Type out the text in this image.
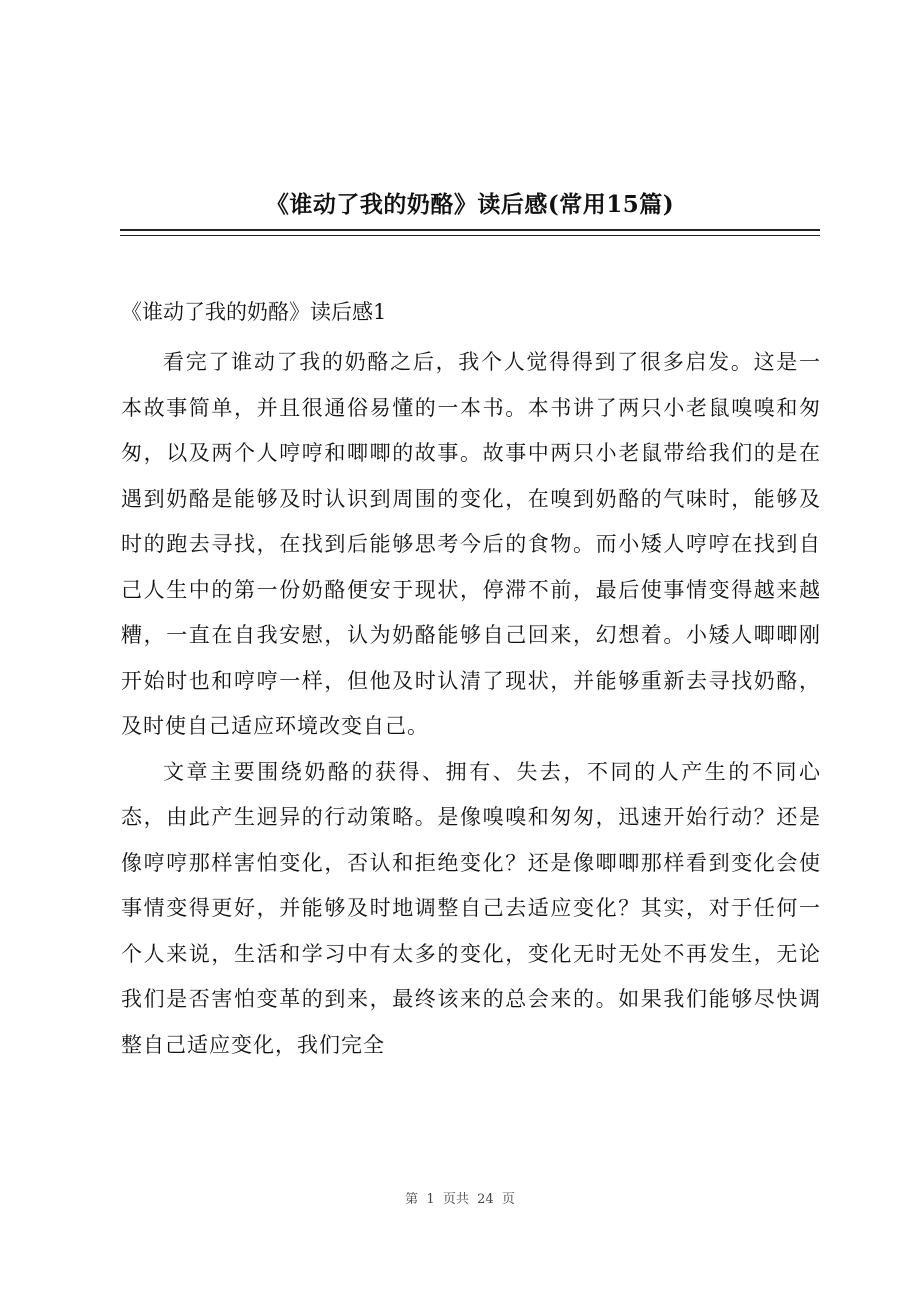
《谁动了我的奶酪》读后感(常用15篇)
《谁动了我的奶酪》读后感1

看完了谁动了我的奶酪之后，我个人觉得得到了很多启发。这是一本故事简单，并且很通俗易懂的一本书。本书讲了两只小老鼠嗅嗅和匆匆，以及两个人哼哼和唧唧的故事。故事中两只小老鼠带给我们的是在遇到奶酪是能够及时认识到周围的变化，在嗅到奶酪的气味时，能够及时的跑去寻找，在找到后能够思考今后的食物。而小矮人哼哼在找到自己人生中的第一份奶酪便安于现状，停滞不前，最后使事情变得越来越糟，一直在自我安慰，认为奶酪能够自己回来，幻想着。小矮人唧唧刚开始时也和哼哼一样，但他及时认清了现状，并能够重新去寻找奶酪，及时使自己适应环境改变自己。

文章主要围绕奶酪的获得、拥有、失去，不同的人产生的不同心态，由此产生迥异的行动策略。是像嗅嗅和匆匆，迅速开始行动？还是像哼哼那样害怕变化，否认和拒绝变化？还是像唧唧那样看到变化会使事情变得更好，并能够及时地调整自己去适应变化？其实，对于任何一个人来说，生活和学习中有太多的变化，变化无时无处不再发生，无论我们是否害怕变革的到来，最终该来的总会来的。如果我们能够尽快调整自己适应变化，我们完全

第  1  页共  24  页
